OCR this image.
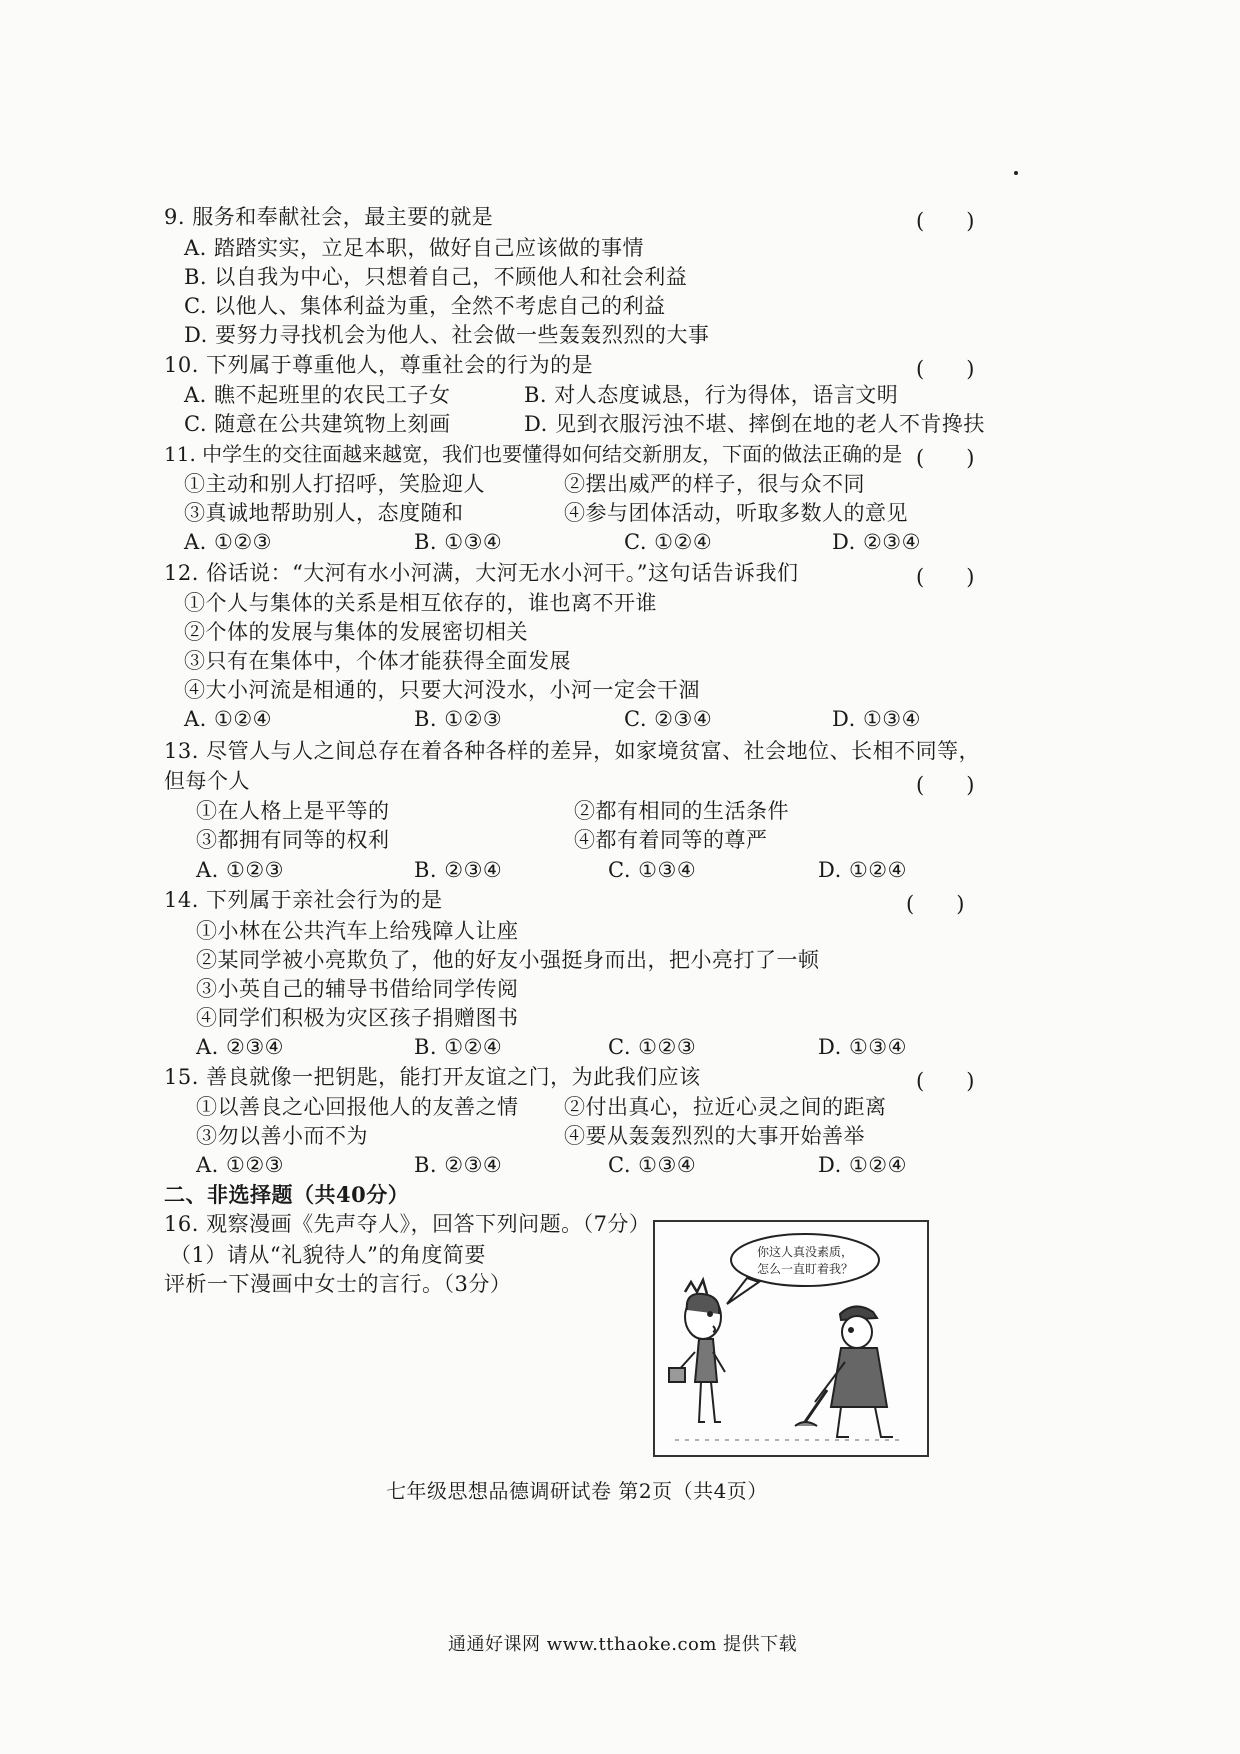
9. 服务和奉献社会，最主要的就是	(　　)
A. 踏踏实实，立足本职，做好自己应该做的事情
B. 以自我为中心，只想着自己，不顾他人和社会利益
C. 以他人、集体利益为重，全然不考虑自己的利益
D. 要努力寻找机会为他人、社会做一些轰轰烈烈的大事
10. 下列属于尊重他人，尊重社会的行为的是	(　　)
A. 瞧不起班里的农民工子女	B. 对人态度诚恳，行为得体，语言文明
C. 随意在公共建筑物上刻画	D. 见到衣服污浊不堪、摔倒在地的老人不肯搀扶
11. 中学生的交往面越来越宽，我们也要懂得如何结交新朋友，下面的做法正确的是 (　　)
①主动和别人打招呼，笑脸迎人	②摆出威严的样子，很与众不同
③真诚地帮助别人，态度随和	④参与团体活动，听取多数人的意见
A. ①②③	B. ①③④	C. ①②④	D. ②③④
12. 俗话说：“大河有水小河满，大河无水小河干。”这句话告诉我们	(　　)
①个人与集体的关系是相互依存的，谁也离不开谁
②个体的发展与集体的发展密切相关
③只有在集体中，个体才能获得全面发展
④大小河流是相通的，只要大河没水，小河一定会干涸
A. ①②④	B. ①②③	C. ②③④	D. ①③④
13. 尽管人与人之间总存在着各种各样的差异，如家境贫富、社会地位、长相不同等，
但每个人	(　　)
①在人格上是平等的	②都有相同的生活条件
③都拥有同等的权利	④都有着同等的尊严
A. ①②③	B. ②③④	C. ①③④	D. ①②④
14. 下列属于亲社会行为的是	(　　)
①小林在公共汽车上给残障人让座
②某同学被小亮欺负了，他的好友小强挺身而出，把小亮打了一顿
③小英自己的辅导书借给同学传阅
④同学们积极为灾区孩子捐赠图书
A. ②③④	B. ①②④	C. ①②③	D. ①③④
15. 善良就像一把钥匙，能打开友谊之门，为此我们应该	(　　)
①以善良之心回报他人的友善之情 ②付出真心，拉近心灵之间的距离
③勿以善小而不为	④要从轰轰烈烈的大事开始善举
A. ①②③	B. ②③④	C. ①③④	D. ①②④
二、非选择题（共40分）
16. 观察漫画《先声夺人》，回答下列问题。（7分）
（1）请从“礼貌待人”的角度简要
评析一下漫画中女士的言行。（3分）
你这人真没素质，
怎么一直盯着我？
七年级思想品德调研试卷 第2页（共4页）
通通好课网 www.tthaoke.com 提供下载
